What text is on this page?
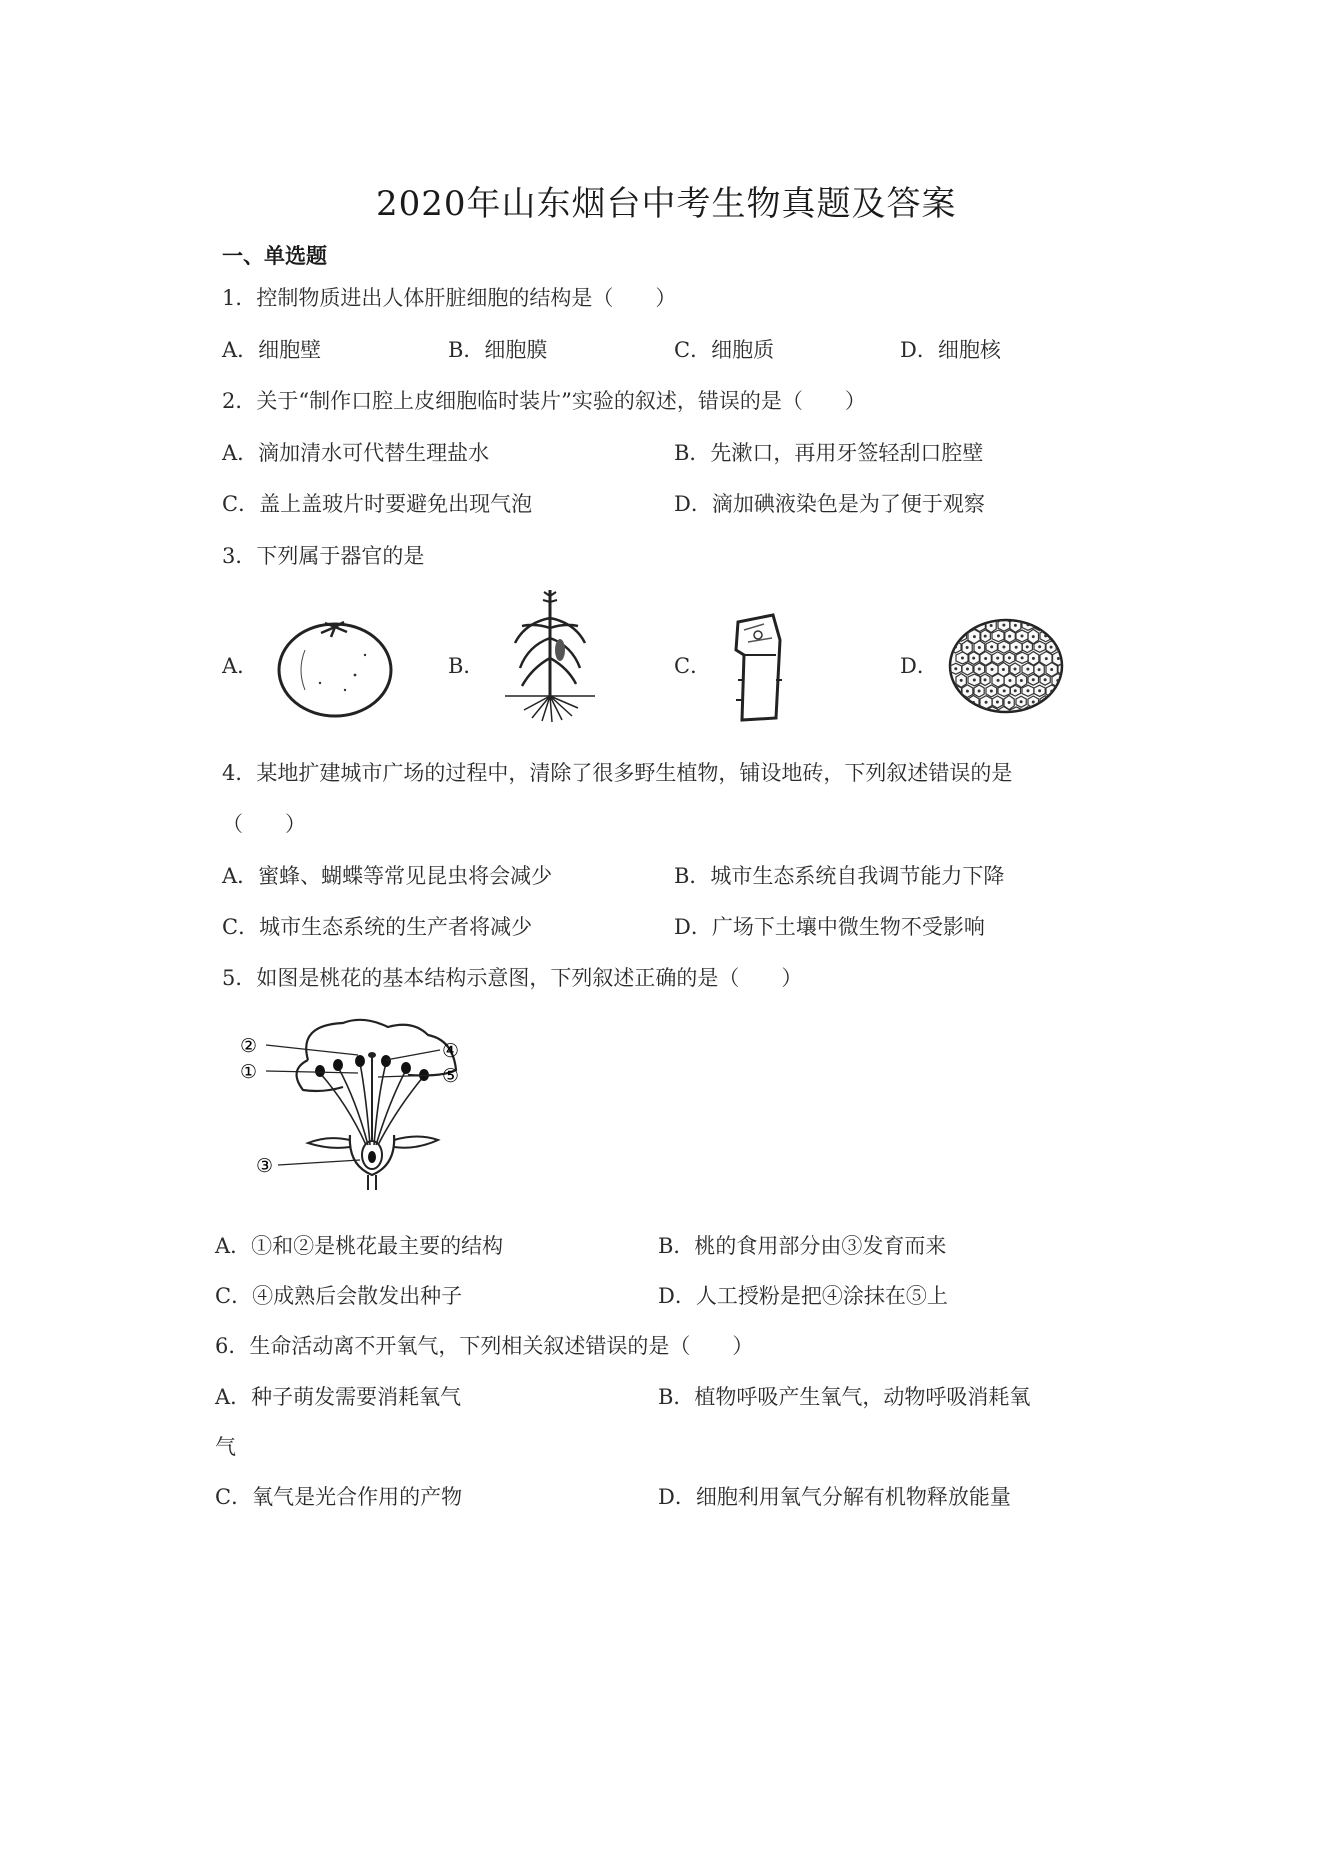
2020年山东烟台中考生物真题及答案
一、单选题
1．控制物质进出人体肝脏细胞的结构是（　　）
A．细胞壁	B．细胞膜	C．细胞质	D．细胞核
2．关于“制作口腔上皮细胞临时装片”实验的叙述，错误的是（　　）
A．滴加清水可代替生理盐水	B．先漱口，再用牙签轻刮口腔壁
C．盖上盖玻片时要避免出现气泡	D．滴加碘液染色是为了便于观察
3．下列属于器官的是
A．	B．	C．	D．
4．某地扩建城市广场的过程中，清除了很多野生植物，铺设地砖，下列叙述错误的是
（　　）
A．蜜蜂、蝴蝶等常见昆虫将会减少	B．城市生态系统自我调节能力下降
C．城市生态系统的生产者将减少	D．广场下土壤中微生物不受影响
5．如图是桃花的基本结构示意图，下列叙述正确的是（　　）
②
①
④
⑤
③
A．①和②是桃花最主要的结构	B．桃的食用部分由③发育而来
C．④成熟后会散发出种子	D．人工授粉是把④涂抹在⑤上
6．生命活动离不开氧气，下列相关叙述错误的是（　　）
A．种子萌发需要消耗氧气	B．植物呼吸产生氧气，动物呼吸消耗氧
气
C．氧气是光合作用的产物	D．细胞利用氧气分解有机物释放能量
